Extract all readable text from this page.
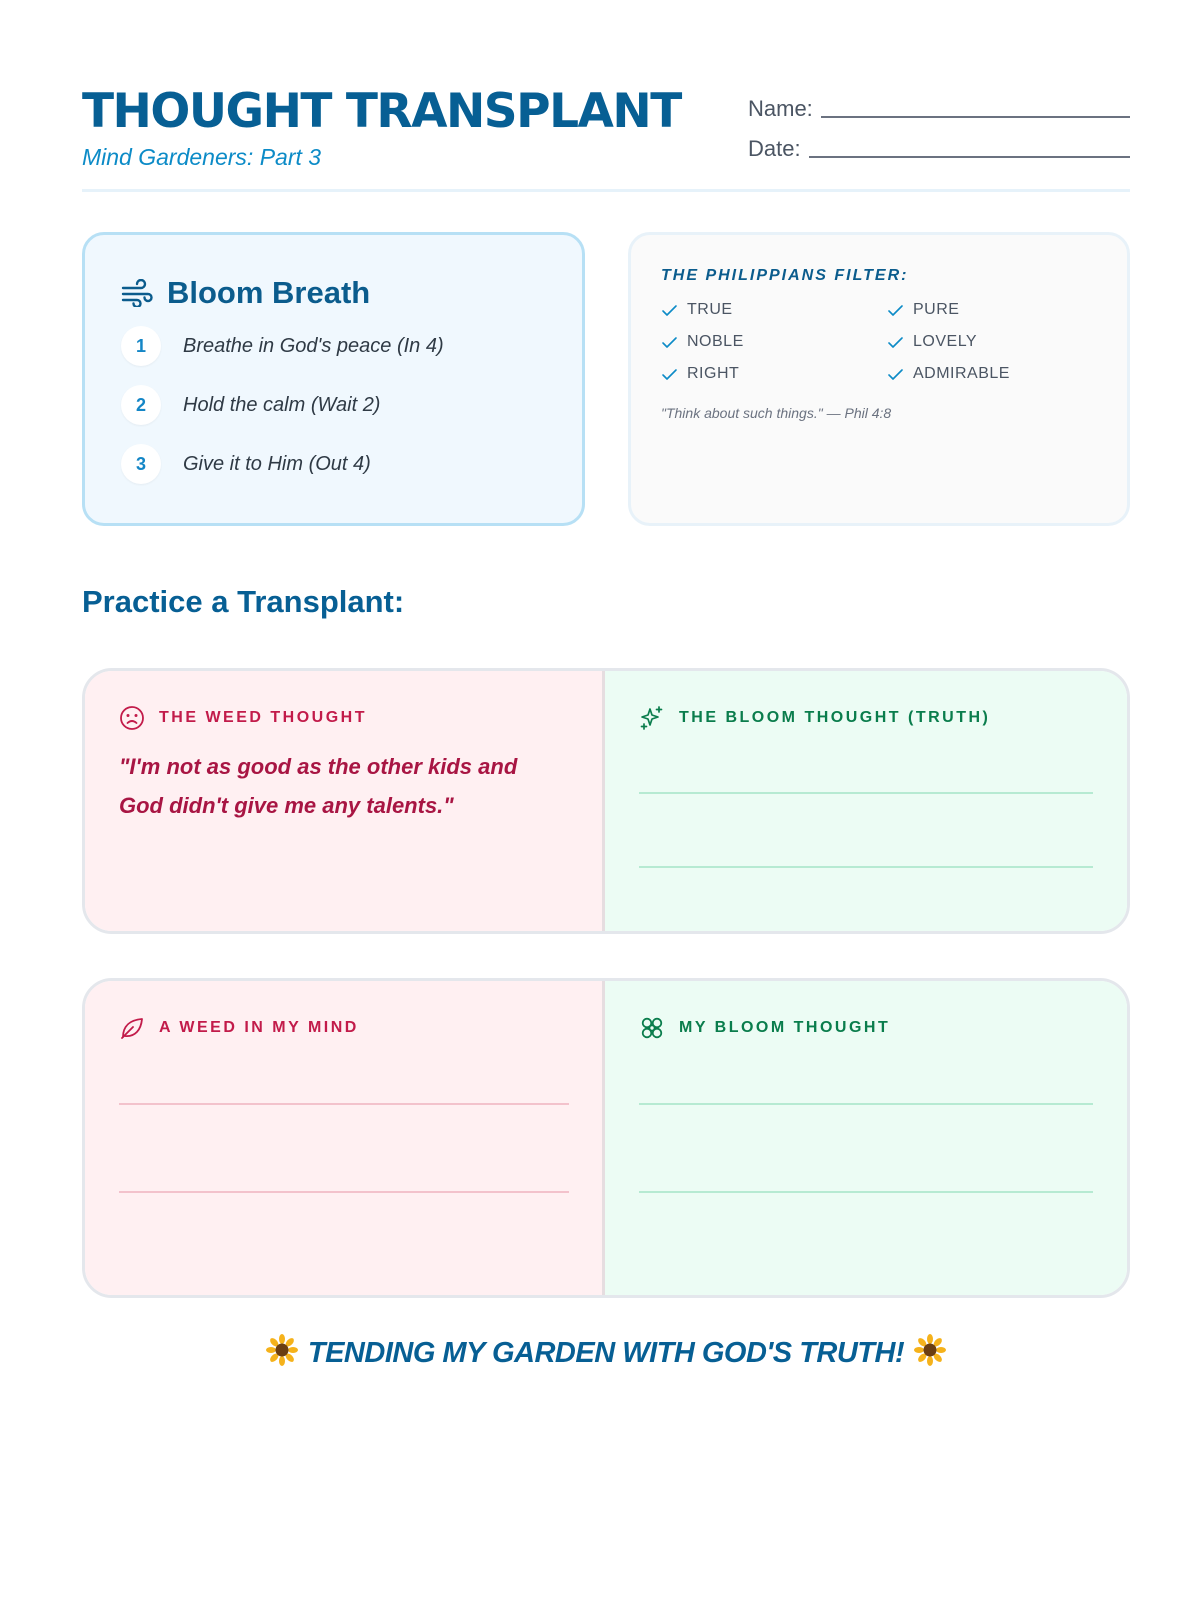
THOUGHT TRANSPLANT
Mind Gardeners: Part 3
Name:
Date:
Bloom Breath
1	Breathe in God's peace (In 4)
2	Hold the calm (Wait 2)
3	Give it to Him (Out 4)
THE PHILIPPIANS FILTER:
TRUE	PURE
NOBLE	LOVELY
RIGHT	ADMIRABLE
"Think about such things." — Phil 4:8
Practice a Transplant:
THE WEED THOUGHT
"I'm not as good as the other kids and God didn't give me any talents."
THE BLOOM THOUGHT (TRUTH)
A WEED IN MY MIND	MY BLOOM THOUGHT
TENDING MY GARDEN WITH GOD'S TRUTH!
